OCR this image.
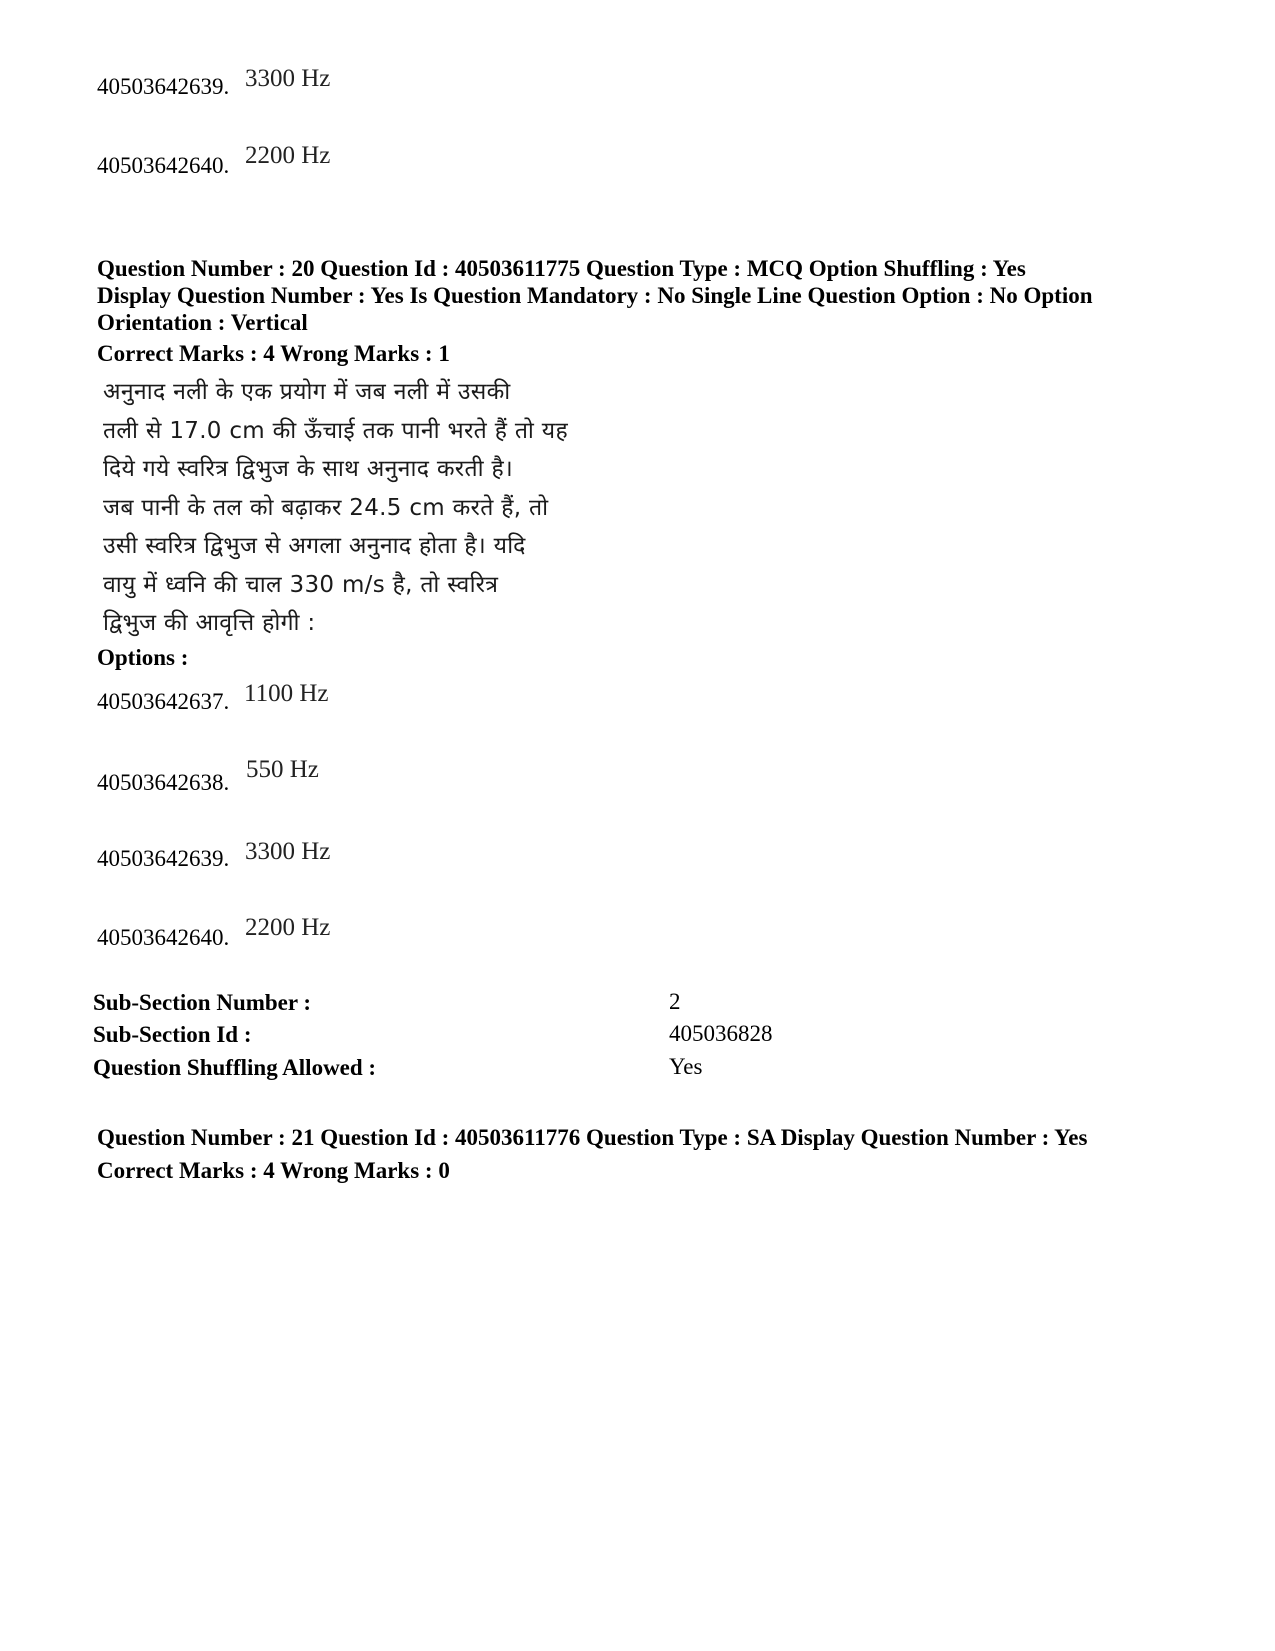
40503642639. 3300 Hz
40503642640. 2200 Hz
Question Number : 20 Question Id : 40503611775 Question Type : MCQ Option Shuffling : Yes
Display Question Number : Yes Is Question Mandatory : No Single Line Question Option : No Option
Orientation : Vertical
Correct Marks : 4 Wrong Marks : 1
अनुनाद नली के एक प्रयोग में जब नली में उसकी
तली से 17.0 cm की ऊँचाई तक पानी भरते हैं तो यह
दिये गये स्वरित्र द्विभुज के साथ अनुनाद करती है।
जब पानी के तल को बढ़ाकर 24.5 cm करते हैं, तो
उसी स्वरित्र द्विभुज से अगला अनुनाद होता है। यदि
वायु में ध्वनि की चाल 330 m/s है, तो स्वरित्र
द्विभुज की आवृत्ति होगी :
Options :
40503642637. 1100 Hz
40503642638. 550 Hz
40503642639. 3300 Hz
40503642640. 2200 Hz
Sub-Section Number :	2
Sub-Section Id :	405036828
Question Shuffling Allowed :	Yes
Question Number : 21 Question Id : 40503611776 Question Type : SA Display Question Number : Yes
Correct Marks : 4 Wrong Marks : 0
